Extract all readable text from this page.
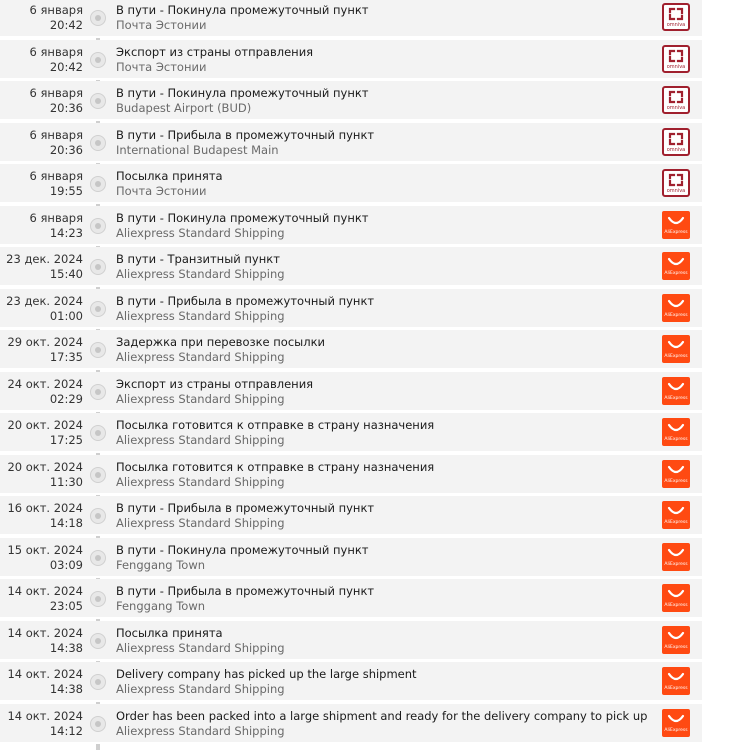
6 января
20:42
В пути - Покинула промежуточный пункт
Почта Эстонии	omniva
6 января
20:42
Экспорт из страны отправления
Почта Эстонии	omniva
6 января
20:36
В пути - Покинула промежуточный пункт
Budapest Airport (BUD)	omniva
6 января
20:36
В пути - Прибыла в промежуточный пункт
International Budapest Main	omniva
6 января
19:55
Посылка принята
Почта Эстонии	omniva
6 января
14:23
В пути - Покинула промежуточный пункт
Aliexpress Standard Shipping	AliExpress
23 дек. 2024
15:40
В пути - Транзитный пункт
Aliexpress Standard Shipping	AliExpress
23 дек. 2024
01:00
В пути - Прибыла в промежуточный пункт
Aliexpress Standard Shipping	AliExpress
29 окт. 2024
17:35
Задержка при перевозке посылки
Aliexpress Standard Shipping	AliExpress
24 окт. 2024
02:29
Экспорт из страны отправления
Aliexpress Standard Shipping	AliExpress
20 окт. 2024
17:25
Посылка готовится к отправке в страну назначения
Aliexpress Standard Shipping	AliExpress
20 окт. 2024
11:30
Посылка готовится к отправке в страну назначения
Aliexpress Standard Shipping	AliExpress
16 окт. 2024
14:18
В пути - Прибыла в промежуточный пункт
Aliexpress Standard Shipping	AliExpress
15 окт. 2024
03:09
В пути - Покинула промежуточный пункт
Fenggang Town	AliExpress
14 окт. 2024
23:05
В пути - Прибыла в промежуточный пункт
Fenggang Town	AliExpress
14 окт. 2024
14:38
Посылка принята
Aliexpress Standard Shipping	AliExpress
14 окт. 2024
14:38
Delivery company has picked up the large shipment
Aliexpress Standard Shipping	AliExpress
14 окт. 2024
14:12
Order has been packed into a large shipment and ready for the delivery company to pick up
Aliexpress Standard Shipping	AliExpress
